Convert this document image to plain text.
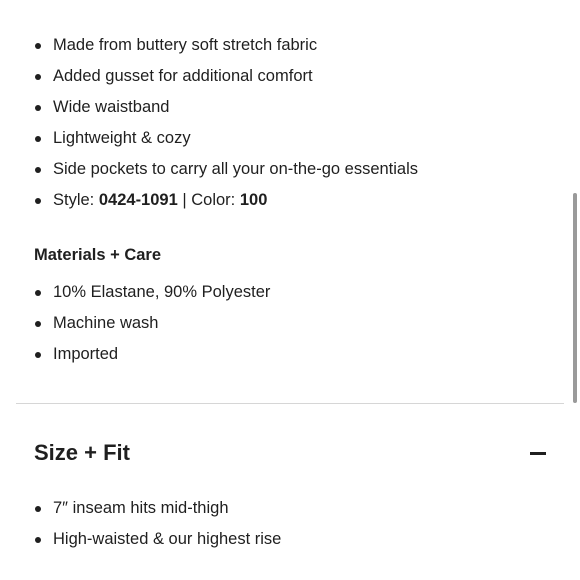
Made from buttery soft stretch fabric
Added gusset for additional comfort
Wide waistband
Lightweight & cozy
Side pockets to carry all your on-the-go essentials
Style: 0424-1091 | Color: 100
Materials + Care
10% Elastane, 90% Polyester
Machine wash
Imported
Size + Fit
7″ inseam hits mid-thigh
High-waisted & our highest rise
